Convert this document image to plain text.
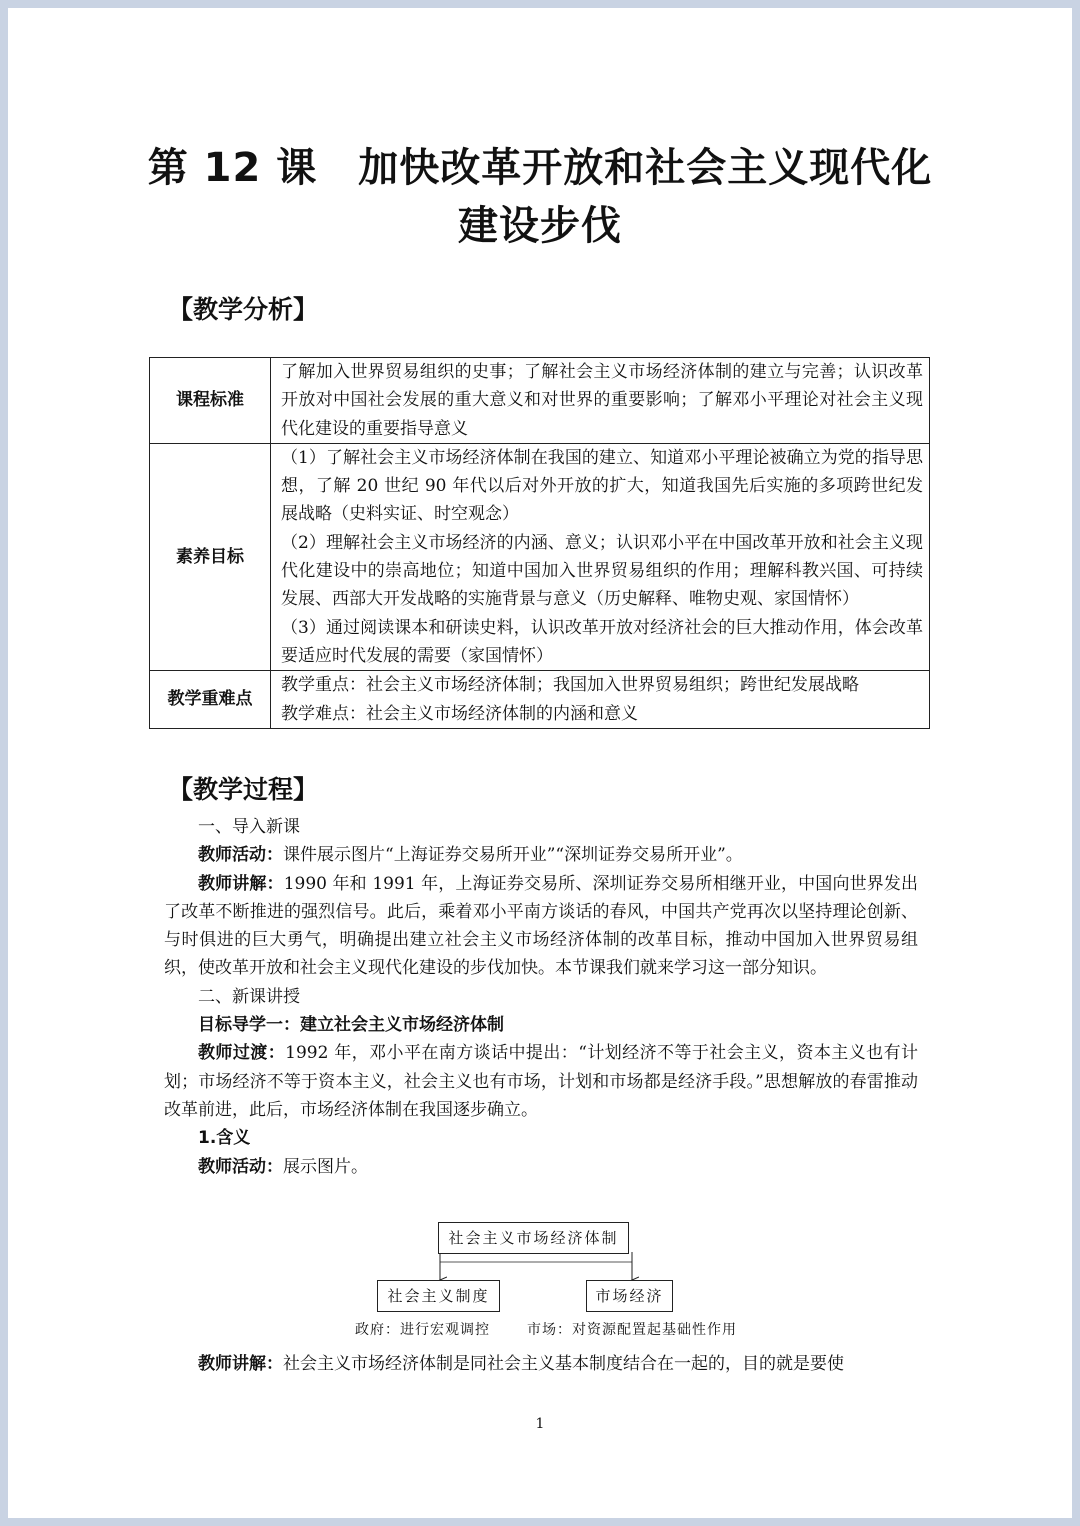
第 12 课　加快改革开放和社会主义现代化
建设步伐
【教学分析】
课程标准	了解加入世界贸易组织的史事；了解社会主义市场经济体制的建立与完善；认识改革开放对中国社会发展的重大意义和对世界的重要影响；了解邓小平理论对社会主义现代化建设的重要指导意义
素养目标	（1）了解社会主义市场经济体制在我国的建立、知道邓小平理论被确立为党的指导思想，了解 20 世纪 90 年代以后对外开放的扩大，知道我国先后实施的多项跨世纪发展战略（史料实证、时空观念）
（2）理解社会主义市场经济的内涵、意义；认识邓小平在中国改革开放和社会主义现代化建设中的崇高地位；知道中国加入世界贸易组织的作用；理解科教兴国、可持续发展、西部大开发战略的实施背景与意义（历史解释、唯物史观、家国情怀）
（3）通过阅读课本和研读史料，认识改革开放对经济社会的巨大推动作用，体会改革要适应时代发展的需要（家国情怀）

教学重难点	教学重点：社会主义市场经济体制；我国加入世界贸易组织；跨世纪发展战略
教学难点：社会主义市场经济体制的内涵和意义
【教学过程】

一、导入新课

教师活动：课件展示图片“上海证券交易所开业”“深圳证券交易所开业”。

教师讲解：1990 年和 1991 年，上海证券交易所、深圳证券交易所相继开业，中国向世界发出了改革不断推进的强烈信号。此后，乘着邓小平南方谈话的春风，中国共产党再次以坚持理论创新、与时俱进的巨大勇气，明确提出建立社会主义市场经济体制的改革目标，推动中国加入世界贸易组织，使改革开放和社会主义现代化建设的步伐加快。本节课我们就来学习这一部分知识。

二、新课讲授

目标导学一：建立社会主义市场经济体制

教师过渡：1992 年，邓小平在南方谈话中提出：“计划经济不等于社会主义，资本主义也有计划；市场经济不等于资本主义，社会主义也有市场，计划和市场都是经济手段。”思想解放的春雷推动改革前进，此后，市场经济体制在我国逐步确立。

1.含义

教师活动：展示图片。

社会主义市场经济体制
社会主义制度	市场经济
政府：进行宏观调控	市场：对资源配置起基础性作用

教师讲解：社会主义市场经济体制是同社会主义基本制度结合在一起的，目的就是要使

1
